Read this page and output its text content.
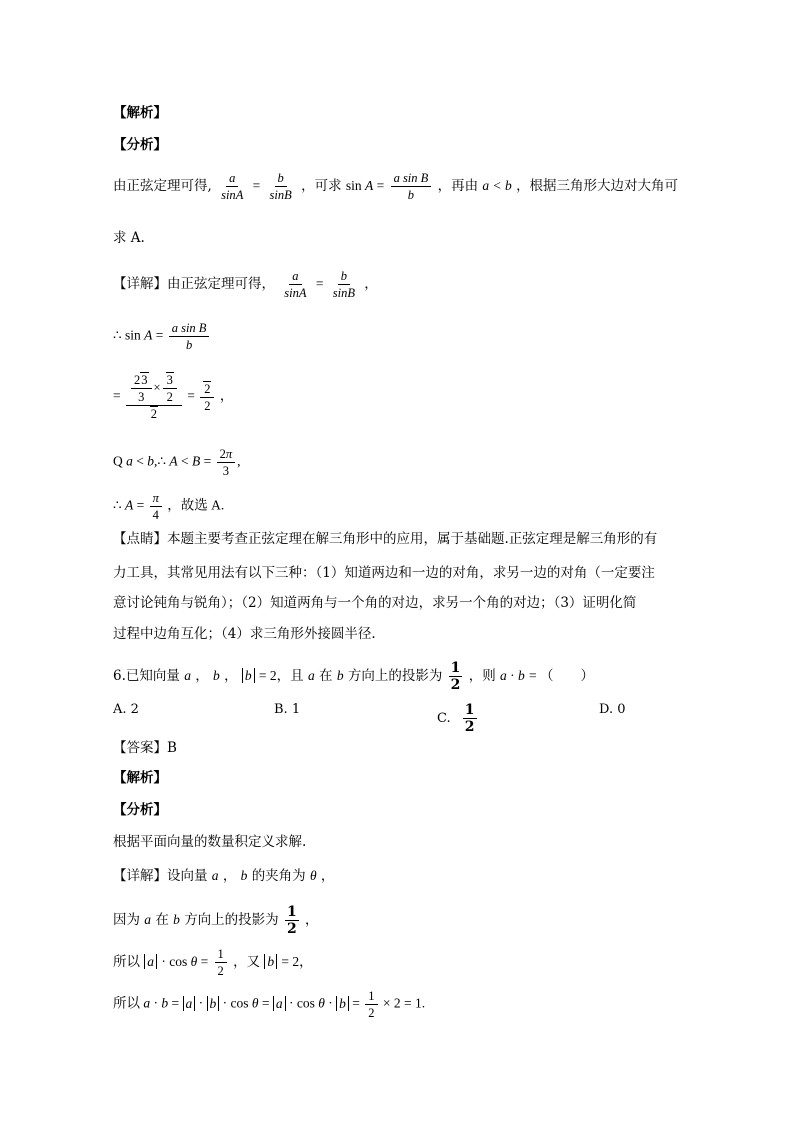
【解析】
【分析】
由正弦定理可得, $\frac{a}{\sin A} = \frac{b}{\sin B}$ ，可求 $\sin A = \frac{\text{a sin B}}{b}$ ，再由 a < b ，根据三角形大边对大角可
求 A.
【详解】由正弦定理可得， $\frac{a}{\sin A} = \frac{b}{\sin B}$ ，
∴ $\sin A = \frac{\text{a sin B}}{b}$
= $\frac{\frac{23}{3} \times \frac{3}{2}}{2} = \frac{2}{2}$ ，
Q a < b,∴ $A < B = \frac{2\pi}{3}$ ,
∴ $A = \frac{\pi}{4}$ ，故选 A.
【点睛】本题主要考查正弦定理在解三角形中的应用，属于基础题.正弦定理是解三角形的有
力工具，其常见用法有以下三种：（1）知道两边和一边的对角，求另一边的对角（一定要注
意讨论钝角与锐角）；（2）知道两角与一个角的对边，求另一个角的对边；（3）证明化简
过程中边角互化；（4）求三角形外接圆半径.
6.已知向量 a ， b ， b = 2，且 a 在 b 方向上的投影为 $\frac{1}{2}$ ，则 a · b = （　　）
A. 2	B. 1
C. $\frac{1}{2}$	D. 0
【答案】B
【解析】
【分析】
根据平面向量的数量积定义求解.
【详解】设向量 a ， b 的夹角为 θ ，
因为 a 在 b 方向上的投影为 $\frac{1}{2}$ ，
所以 $a \cdot \cos \theta = \frac{1}{2}$ ，又 b = 2，
所以 $a \cdot b = a \cdot b \cdot \cos \theta = a \cdot \cos \theta \cdot b = \frac{1}{2} \times 2 = 1$.
